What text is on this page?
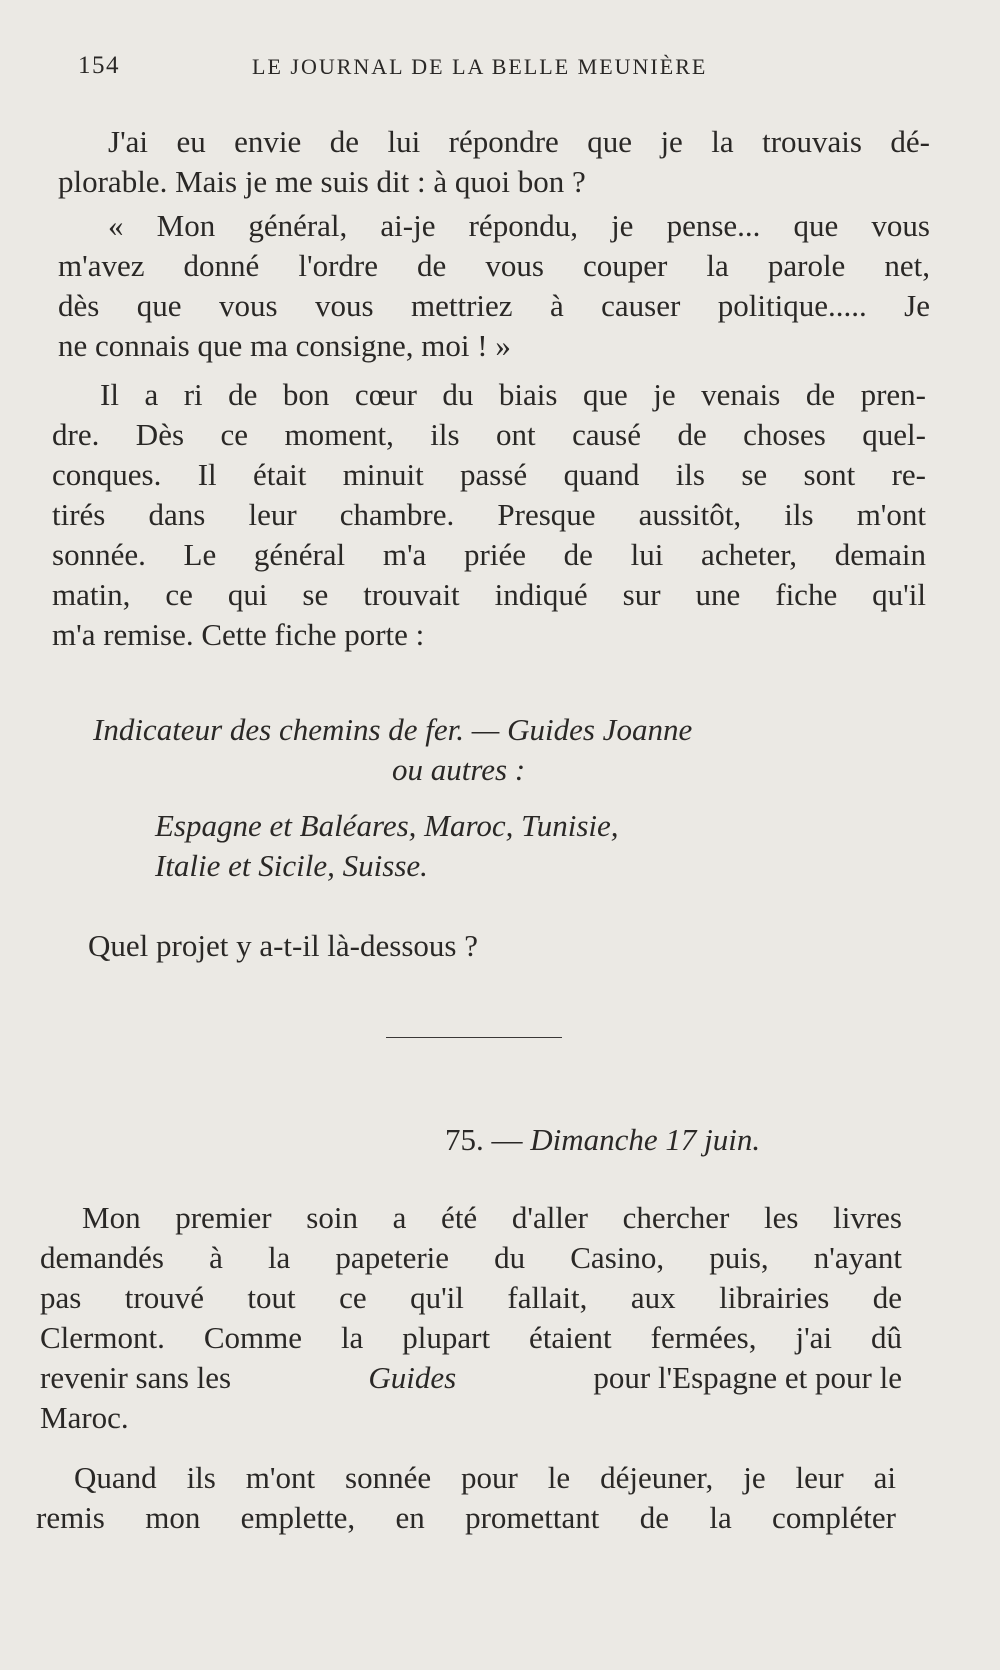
154	LE JOURNAL DE LA BELLE MEUNIÈRE
J'ai eu envie de lui répondre que je la trouvais dé-
plorable. Mais je me suis dit : à quoi bon ?
« Mon général, ai-je répondu, je pense... que vous
m'avez donné l'ordre de vous couper la parole net,
dès que vous vous mettriez à causer politique..... Je
ne connais que ma consigne, moi ! »
Il a ri de bon cœur du biais que je venais de pren-
dre. Dès ce moment, ils ont causé de choses quel-
conques. Il était minuit passé quand ils se sont re-
tirés dans leur chambre. Presque aussitôt, ils m'ont
sonnée. Le général m'a priée de lui acheter, demain
matin, ce qui se trouvait indiqué sur une fiche qu'il
m'a remise. Cette fiche porte :
Indicateur des chemins de fer. — Guides Joanne
ou autres :
Espagne et Baléares, Maroc, Tunisie,
Italie et Sicile, Suisse.
Quel projet y a-t-il là-dessous ?
75. — Dimanche 17 juin.
Mon premier soin a été d'aller chercher les livres
demandés à la papeterie du Casino, puis, n'ayant
pas trouvé tout ce qu'il fallait, aux librairies de
Clermont. Comme la plupart étaient fermées, j'ai dû
revenir sans les	Guides	pour l'Espagne et pour le
Maroc.
Quand ils m'ont sonnée pour le déjeuner, je leur ai
remis mon emplette, en promettant de la compléter
